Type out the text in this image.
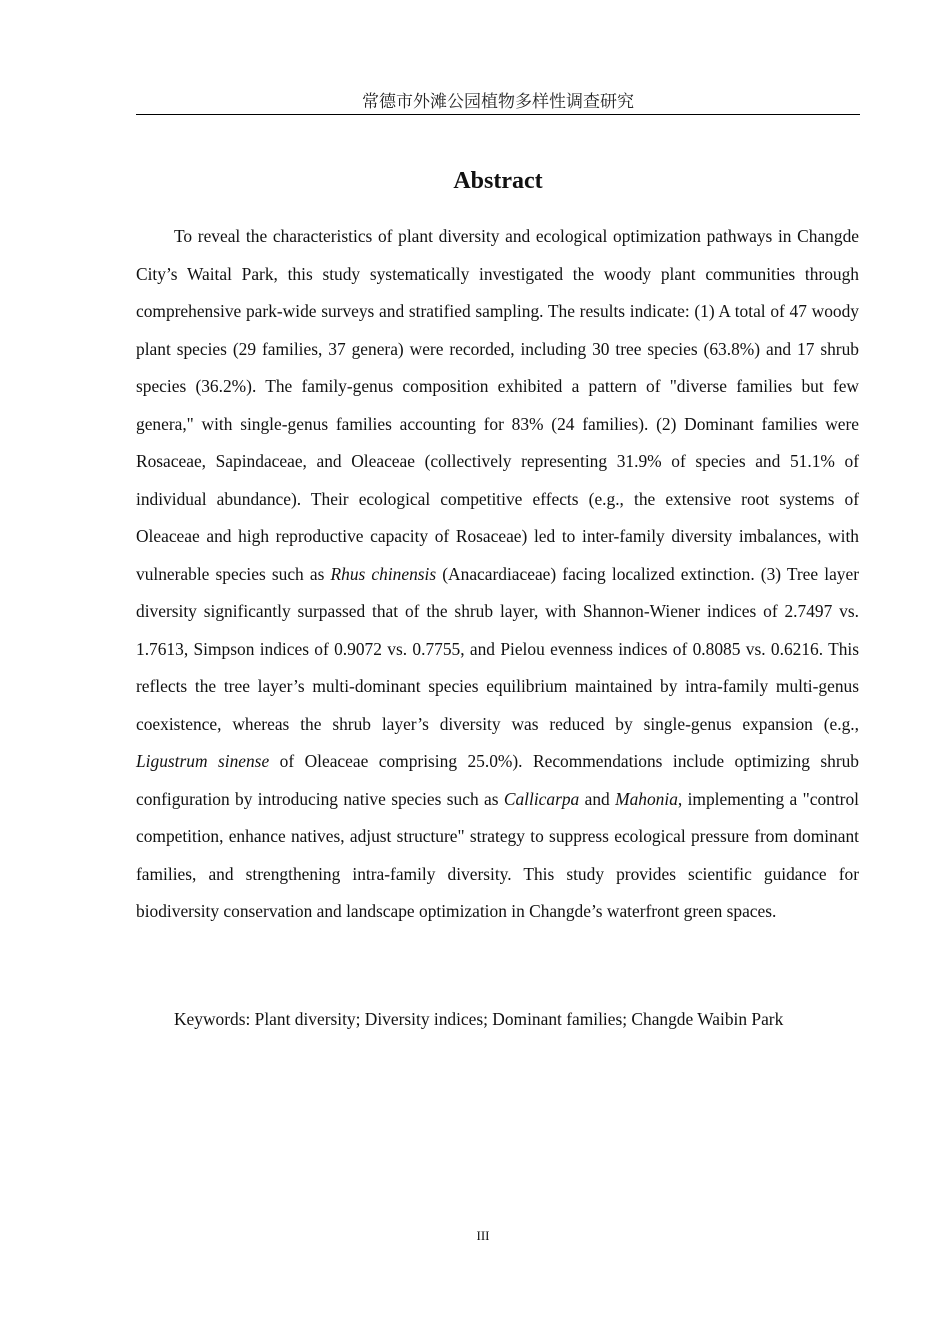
常德市外滩公园植物多样性调查研究
Abstract

To reveal the characteristics of plant diversity and ecological optimization pathways in Changde City’s Waital Park, this study systematically investigated the woody plant communities through comprehensive park-wide surveys and stratified sampling. The results indicate: (1) A total of 47 woody plant species (29 families, 37 genera) were recorded, including 30 tree species (63.8%) and 17 shrub species (36.2%). The family-genus composition exhibited a pattern of "diverse families but few genera," with single-genus families accounting for 83% (24 families). (2) Dominant families were Rosaceae, Sapindaceae, and Oleaceae (collectively representing 31.9% of species and 51.1% of individual abundance). Their ecological competitive effects (e.g., the extensive root systems of Oleaceae and high reproductive capacity of Rosaceae) led to inter-family diversity imbalances, with vulnerable species such as Rhus chinensis (Anacardiaceae) facing localized extinction. (3) Tree layer diversity significantly surpassed that of the shrub layer, with Shannon-Wiener indices of 2.7497 vs. 1.7613, Simpson indices of 0.9072 vs. 0.7755, and Pielou evenness indices of 0.8085 vs. 0.6216. This reflects the tree layer’s multi-dominant species equilibrium maintained by intra-family multi-genus coexistence, whereas the shrub layer’s diversity was reduced by single-genus expansion (e.g., Ligustrum sinense of Oleaceae comprising 25.0%). Recommendations include optimizing shrub configuration by introducing native species such as Callicarpa and Mahonia, implementing a "control competition, enhance natives, adjust structure" strategy to suppress ecological pressure from dominant families, and strengthening intra-family diversity. This study provides scientific guidance for biodiversity conservation and landscape optimization in Changde’s waterfront green spaces.

Keywords: Plant diversity; Diversity indices; Dominant families; Changde Waibin Park

III
